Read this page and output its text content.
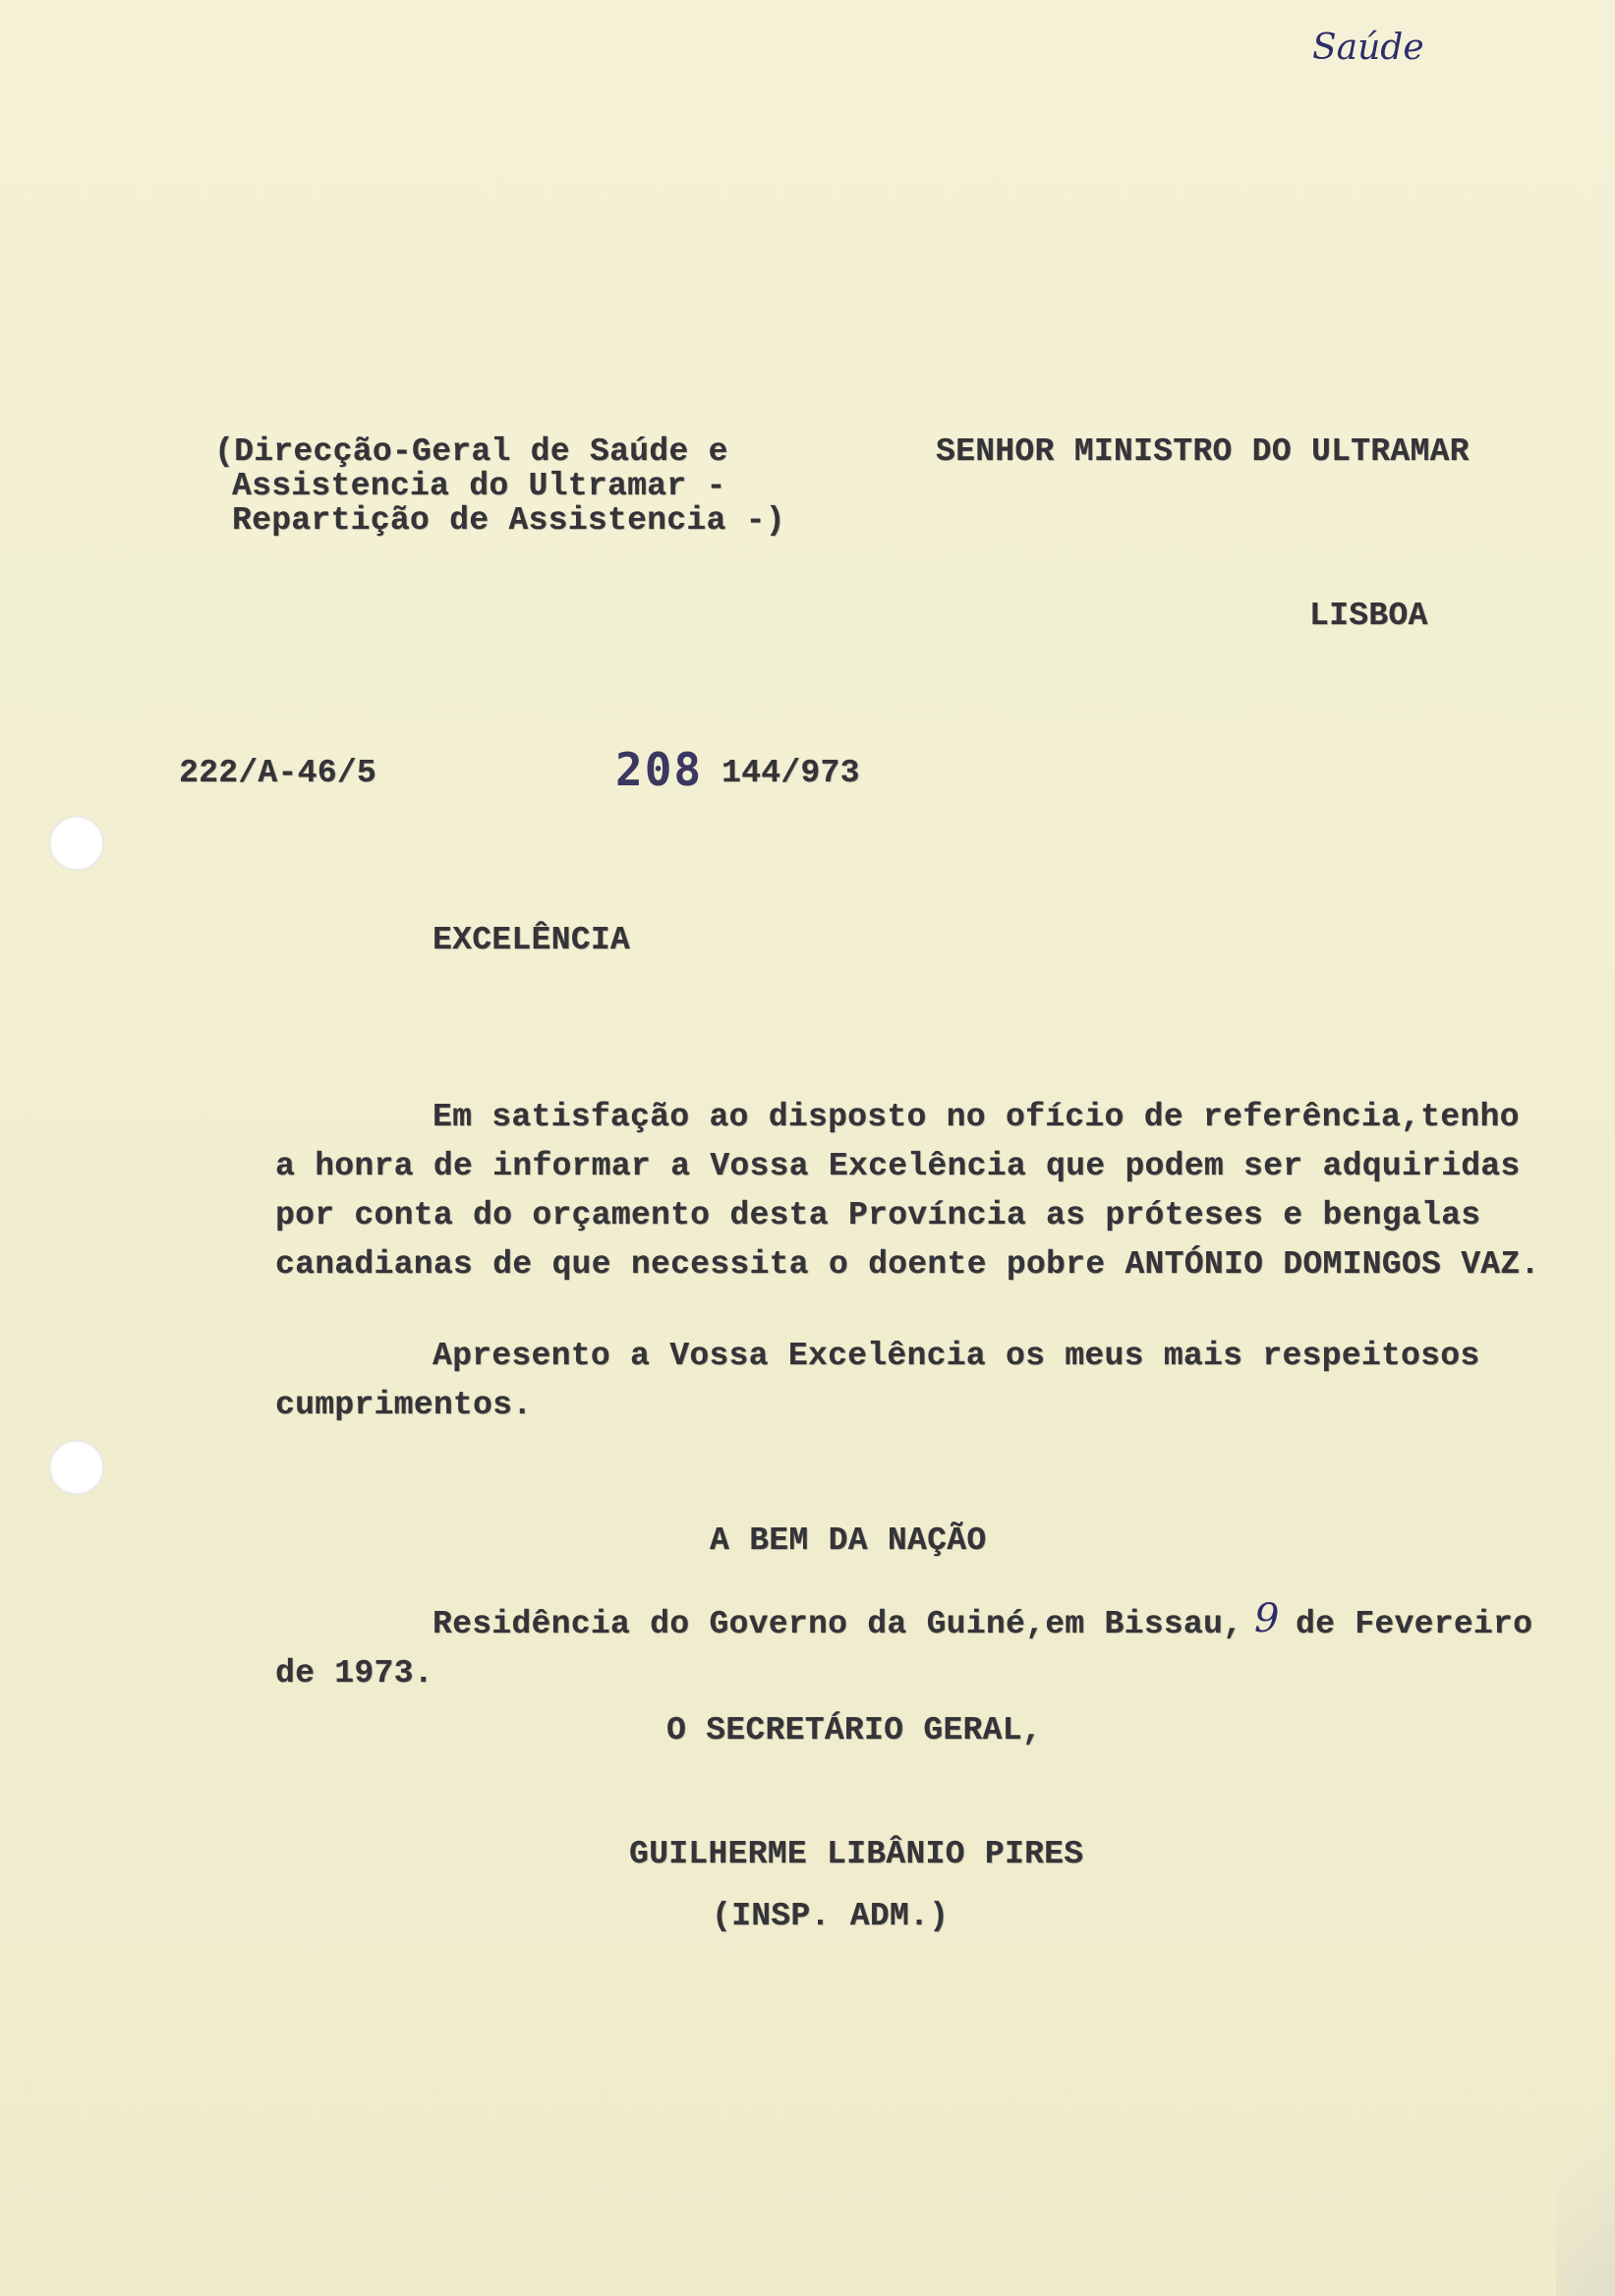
Saúde
(Direcção-Geral de Saúde e
Assistencia do Ultramar -
Repartição de Assistencia -)
SENHOR MINISTRO DO ULTRAMAR
LISBOA
222/A-46/5	208 144/973
EXCELÊNCIA
Em satisfação ao disposto no ofício de referência,tenho
a honra de informar a Vossa Excelência que podem ser adquiridas
por conta do orçamento desta Província as próteses e bengalas
canadianas de que necessita o doente pobre ANTÓNIO DOMINGOS VAZ.
Apresento a Vossa Excelência os meus mais respeitosos
cumprimentos.
A BEM DA NAÇÃO
Residência do Governo da Guiné,em Bissau, 9 de Fevereiro
de 1973.
O SECRETÁRIO GERAL,
GUILHERME LIBÂNIO PIRES
(INSP. ADM.)
